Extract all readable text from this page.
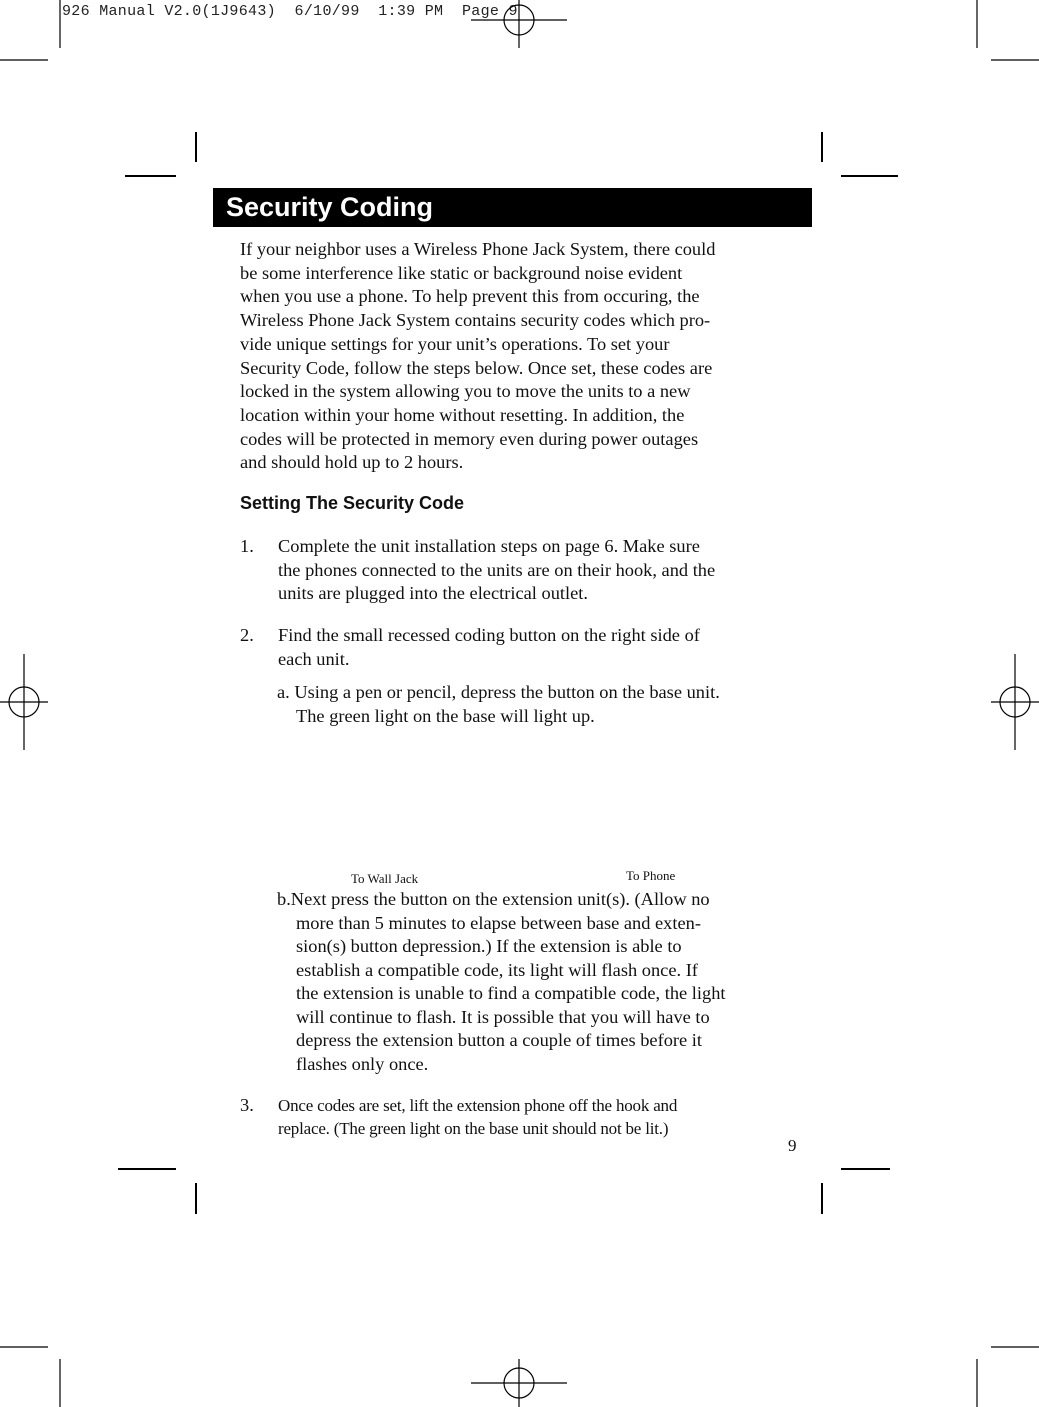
926 Manual V2.0(1J9643)  6/10/99  1:39 PM  Page 9
Security Coding
If your neighbor uses a Wireless Phone Jack System, there could
be some interference like static or background noise evident
when you use a phone. To help prevent this from occuring, the
Wireless Phone Jack System contains security codes which pro-
vide unique settings for your unit’s operations. To set your
Security Code, follow the steps below. Once set, these codes are
locked in the system allowing you to move the units to a new
location within your home without resetting. In addition, the
codes will be protected in memory even during power outages
and should hold up to 2 hours.
Setting The Security Code
1. Complete the unit installation steps on page 6. Make sure
the phones connected to the units are on their hook, and the
units are plugged into the electrical outlet.
2. Find the small recessed coding button on the right side of
each unit.
a. Using a pen or pencil, depress the button on the base unit.
The green light on the base will light up.
To Wall Jack	To Phone
b.Next press the button on the extension unit(s). (Allow no
more than 5 minutes to elapse between base and exten-
sion(s) button depression.) If the extension is able to
establish a compatible code, its light will flash once. If
the extension is unable to find a compatible code, the light
will continue to flash. It is possible that you will have to
depress the extension button a couple of times before it
flashes only once.
3. Once codes are set, lift the extension phone off the hook and
replace. (The green light on the base unit should not be lit.)
9
